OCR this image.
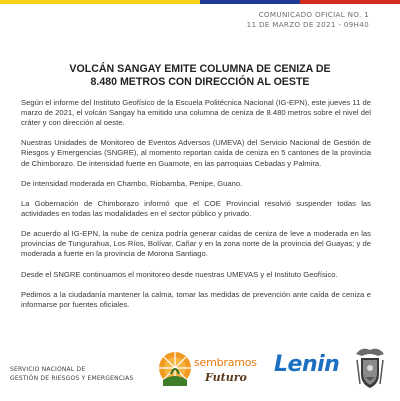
COMUNICADO OFICIAL NO. 1
11 DE MARZO DE 2021 - 09H40
VOLCÁN SANGAY EMITE COLUMNA DE CENIZA DE
8.480 METROS CON DIRECCIÓN AL OESTE

Según el informe del Instituto Geofísico de la Escuela Politécnica Nacional (IG-EPN), este jueves 11 de marzo de 2021, el volcán Sangay ha emitido una columna de ceniza de 8.480 metros sobre el nivel del cráter y con dirección al oeste.

Nuestras Unidades de Monitoreo de Eventos Adversos (UMEVA) del Servicio Nacional de Gestión de Riesgos y Emergencias (SNGRE), al momento reportan caída de ceniza en 5 cantones de la provincia de Chimborazo. De intensidad fuerte en Guamote, en las parroquias Cebadas y Palmira.

De intensidad moderada en Chambo, Riobamba, Penipe, Guano.

La Gobernación de Chimborazo informó que el COE Provincial resolvió suspender todas las actividades en todas las modalidades en el sector público y privado.

De acuerdo al IG-EPN, la nube de ceniza podría generar caídas de ceniza de leve a moderada en las provincias de Tungurahua, Los Ríos, Bolívar, Cañar y en la zona norte de la provincia del Guayas; y de moderada a fuerte en la provincia de Morona Santiago.

Desde el SNGRE continuamos el monitoreo desde nuestras UMEVAS y el Instituto Geofísico.

Pedimos a la ciudadanía mantener la calma, tomar las medidas de prevención ante caída de ceniza e informarse por fuentes oficiales.

SERVICIO NACIONAL DE
GESTIÓN DE RIESGOS Y EMERGENCIAS
sembramos
Futuro
Lenin
